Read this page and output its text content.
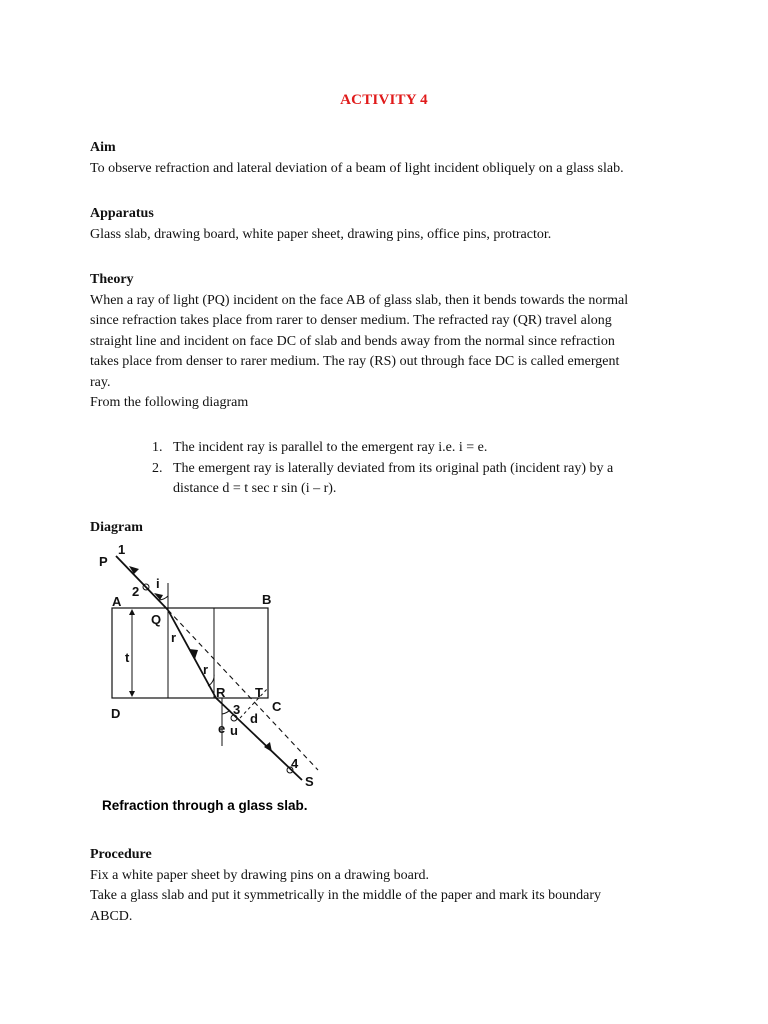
ACTIVITY 4
Aim
To observe refraction and lateral deviation of a beam of light incident obliquely on a glass slab.
Apparatus
Glass slab, drawing board, white paper sheet, drawing pins, office pins, protractor.
Theory
When a ray of light (PQ) incident on the face AB of glass slab, then it bends towards the normal
since refraction takes place from rarer to denser medium. The refracted ray (QR) travel along
straight line and incident on face DC of slab and bends away from the normal since refraction
takes place from denser to rarer medium. The ray (RS) out through face DC is called emergent
ray.
From the following diagram
1. The incident ray is parallel to the emergent ray i.e. i = e.
2. The emergent ray is laterally deviated from its original path (incident ray) by a
distance d = t sec r sin (i – r).
Diagram
P
1
2
i
A	B
Q
r
t
r
R T
C
D	3
d
e u
4
S
Refraction through a glass slab.
Procedure
Fix a white paper sheet by drawing pins on a drawing board.
Take a glass slab and put it symmetrically in the middle of the paper and mark its boundary
ABCD.
